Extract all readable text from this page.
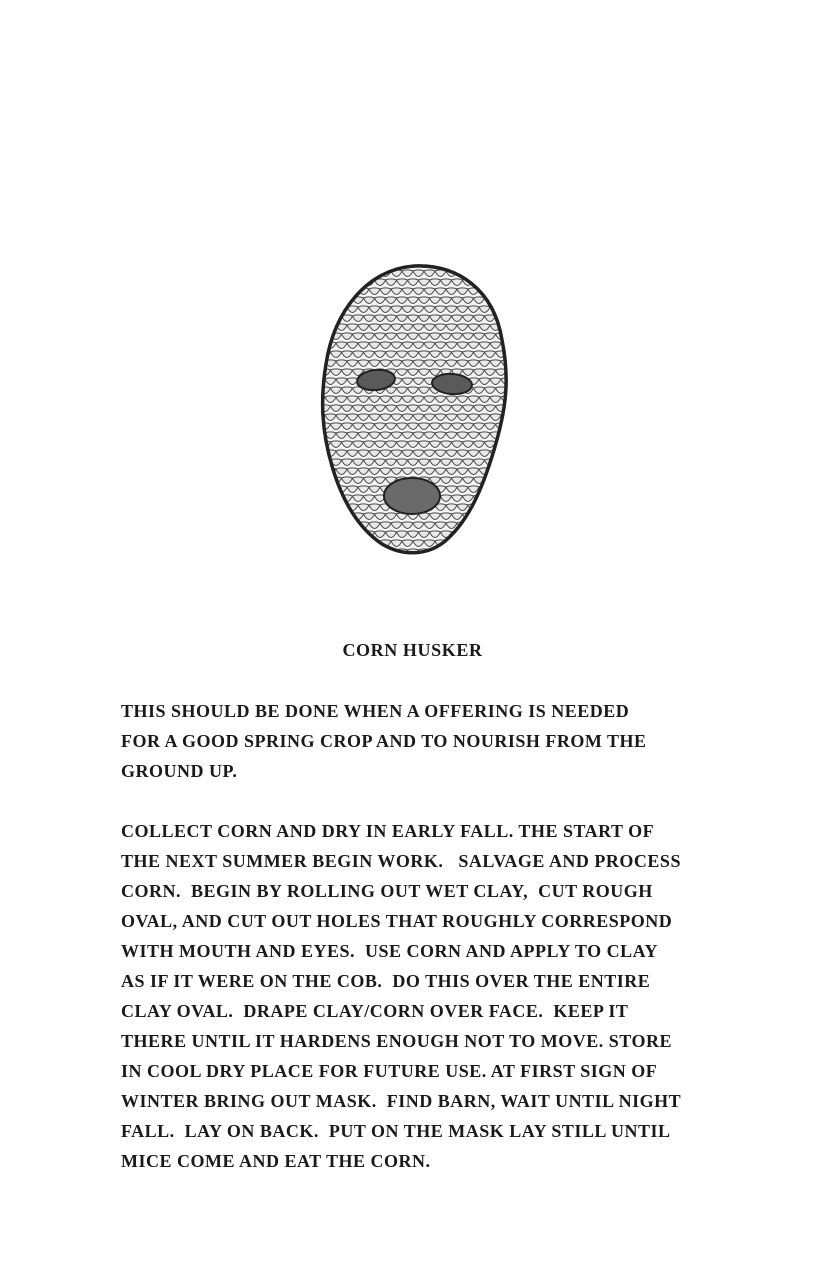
CORN HUSKER

THIS SHOULD BE DONE WHEN A OFFERING IS NEEDED
FOR A GOOD SPRING CROP AND TO NOURISH FROM THE
GROUND UP.

COLLECT CORN AND DRY IN EARLY FALL. THE START OF
THE NEXT SUMMER BEGIN WORK.   SALVAGE AND PROCESS
CORN.  BEGIN BY ROLLING OUT WET CLAY,  CUT ROUGH
OVAL, AND CUT OUT HOLES THAT ROUGHLY CORRESPOND
WITH MOUTH AND EYES.  USE CORN AND APPLY TO CLAY
AS IF IT WERE ON THE COB.  DO THIS OVER THE ENTIRE
CLAY OVAL.  DRAPE CLAY/CORN OVER FACE.  KEEP IT
THERE UNTIL IT HARDENS ENOUGH NOT TO MOVE. STORE
IN COOL DRY PLACE FOR FUTURE USE. AT FIRST SIGN OF
WINTER BRING OUT MASK.  FIND BARN, WAIT UNTIL NIGHT
FALL.  LAY ON BACK.  PUT ON THE MASK LAY STILL UNTIL
MICE COME AND EAT THE CORN.
